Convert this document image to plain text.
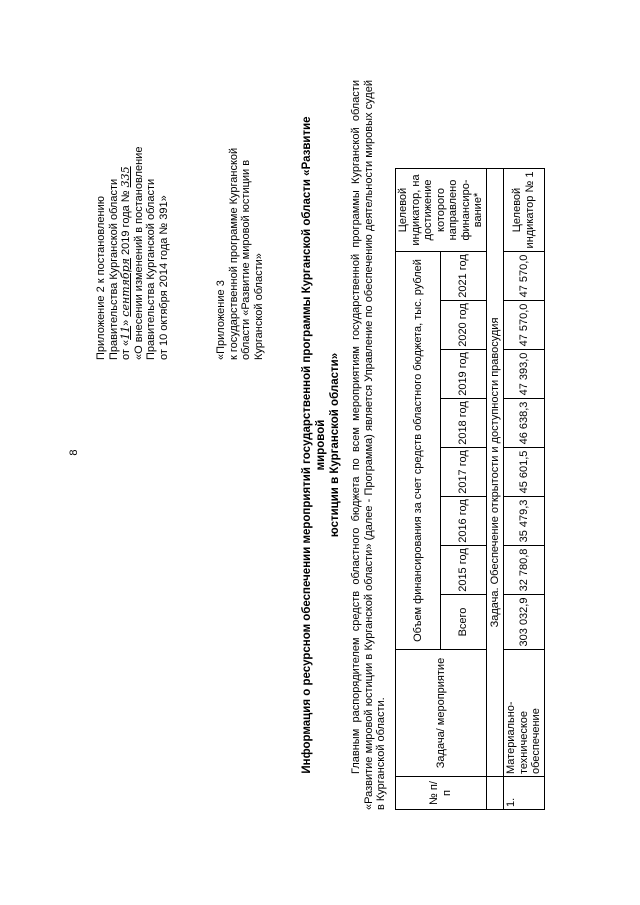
8
Приложение 2 к постановлению Правительства Курганской области от «11» сентября 2019 года № 335 «О внесении изменений в постановление Правительства Курганской области от 10 октября 2014 года № 391»	«Приложение 3 к государственной программе Курганской области «Развитие мировой юстиции в Курганской области»	Информация о ресурсном обеспечении мероприятий государственной программы Курганской области «Развитие мировой юстиции в Курганской области» Главным распорядителем средств областного бюджета по всем мероприятиям государственной программы Курганской области «Развитие мировой юстиции в Курганской области» (далее - Программа) является Управление по обеспечению деятельности мировых судей в Курганской области.	№ п/п	Задача/ мероприятие	Объем финансирования за счет средств областного бюджета, тыс. рублей								Целевой индикатор, на достижение которого направлено финансиро-вание*
		Всего	2015 год	2016 год	2017 год	2018 год	2019 год	2020 год	2021 год	
	Задача. Обеспечение открытости и доступности правосудия									
1.	Материально-техническое обеспечение	303 032,9	32 780,8	35 479,3	45 601,5	46 638,3	47 393,0	47 570,0	47 570,0	Целевой индикатор № 1
